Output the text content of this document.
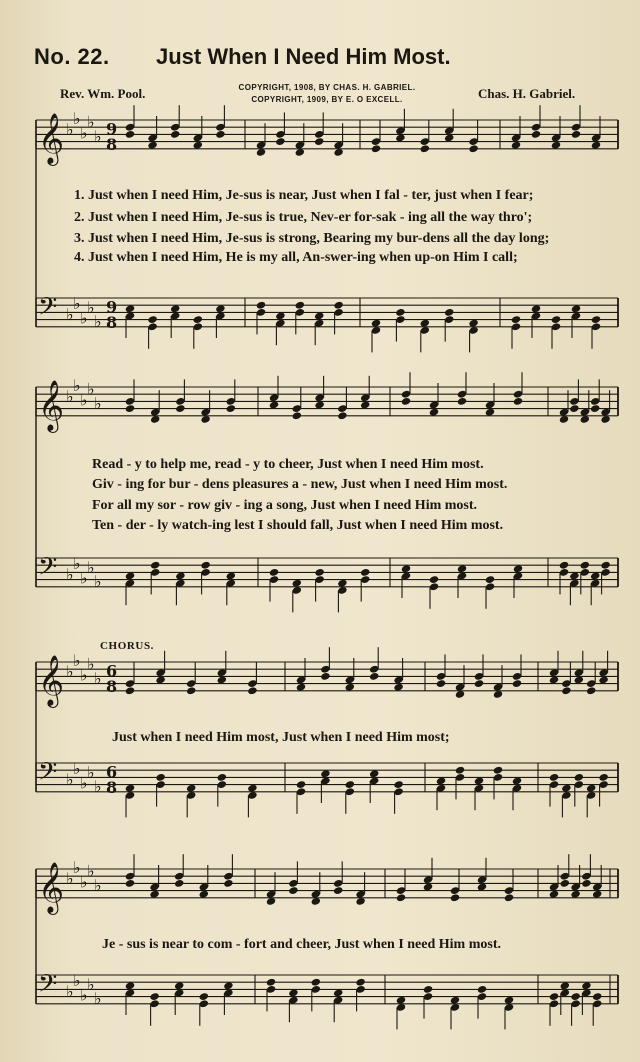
No. 22. Just When I Need Him Most.
Rev. Wm. Pool.	Chas. H. Gabriel.
COPYRIGHT, 1908, BY CHAS. H. GABRIEL.
COPYRIGHT, 1909, BY E. O EXCELL.
𝄞 ♭
♭
♭
♭
♭
𝄢 ♭
♭
♭
♭
♭
𝄞 ♭
♭
♭
♭
♭
𝄢 ♭
♭
♭
♭
♭
𝄞 ♭
♭
♭
♭
♭
𝄢 ♭
♭
♭
♭
♭
𝄞 ♭
♭
♭
♭
♭
𝄢 ♭
♭
♭
♭
♭
9
8
9
8
6
8
6
8
1. Just when I need Him, Je-sus is near, Just when I fal - ter, just when I fear;
2. Just when I need Him, Je-sus is true, Nev-er for-sak - ing all the way thro';
3. Just when I need Him, Je-sus is strong, Bearing my bur-dens all the day long;
4. Just when I need Him, He is my all, An-swer-ing when up-on Him I call;
Read - y to help me, read - y to cheer, Just when I need Him most.
Giv - ing for bur - dens pleasures a - new, Just when I need Him most.
For all my sor - row giv - ing a song, Just when I need Him most.
Ten - der - ly watch-ing lest I should fall, Just when I need Him most.
CHORUS.
Just when I need Him most, Just when I need Him most;
Je - sus is near to com - fort and cheer, Just when I need Him most.
